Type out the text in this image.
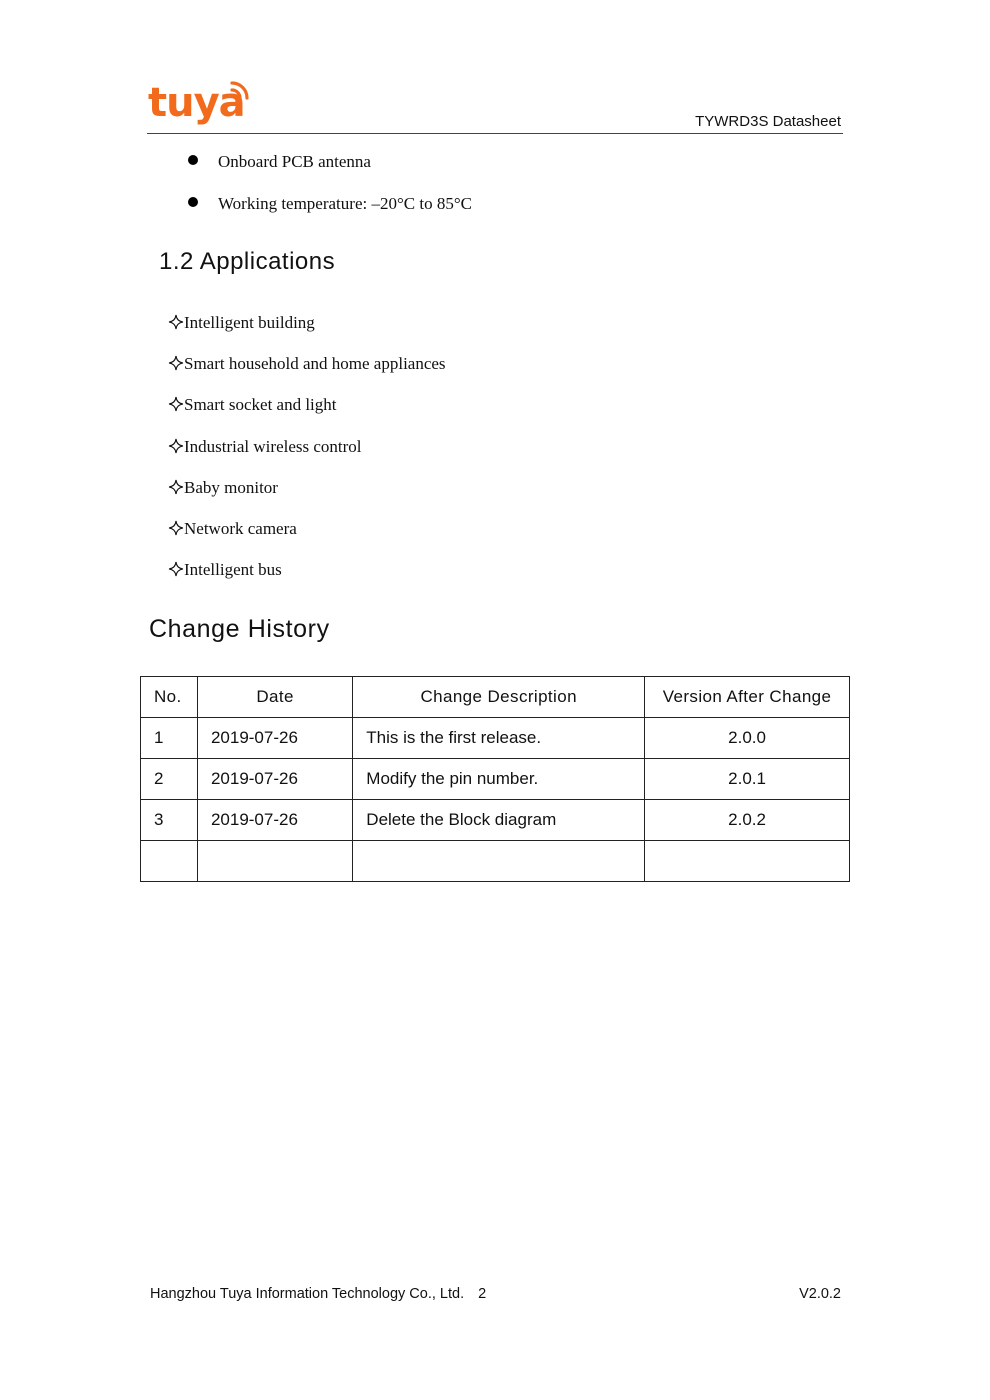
tuya	TYWRD3S Datasheet
Onboard PCB antenna
Working temperature: –20°C to 85°C
1.2 Applications
Intelligent building
Smart household and home appliances
Smart socket and light
Industrial wireless control
Baby monitor
Network camera
Intelligent bus
Change History
No.	Date	Change Description	Version After Change
1	2019-07-26	This is the first release.	2.0.0
2	2019-07-26	Modify the pin number.	2.0.1
3	2019-07-26	Delete the Block diagram	2.0.2

Hangzhou Tuya Information Technology Co., Ltd. 2	V2.0.2
